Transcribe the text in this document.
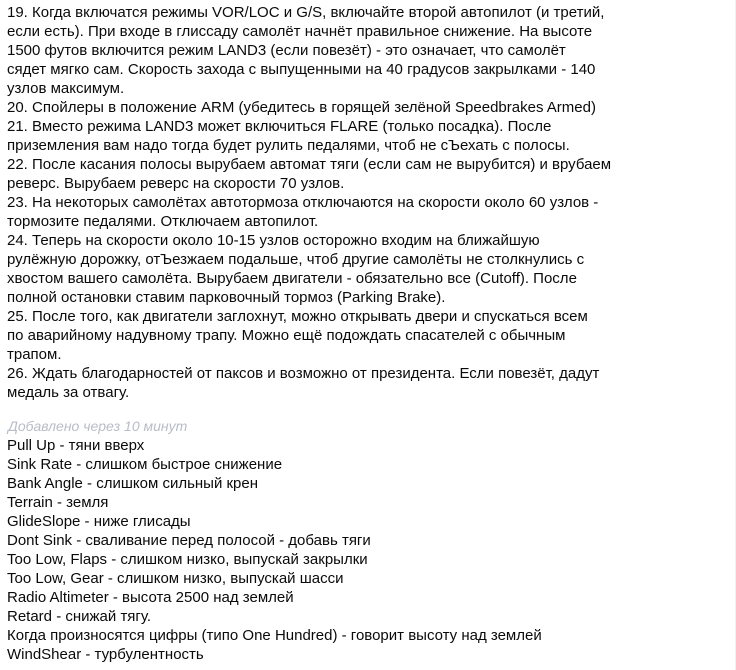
19. Когда включатся режимы VOR/LOC и G/S, включайте второй автопилот (и третий,
если есть). При входе в глиссаду самолёт начнёт правильное снижение. На высоте
1500 футов включится режим LAND3 (если повезёт) - это означает, что самолёт
сядет мягко сам. Скорость захода с выпущенными на 40 градусов закрылками - 140
узлов максимум.
20. Спойлеры в положение ARM (убедитесь в горящей зелёной Speedbrakes Armed)
21. Вместо режима LAND3 может включиться FLARE (только посадка). После
приземления вам надо тогда будет рулить педалями, чтоб не сЪехать с полосы.
22. После касания полосы вырубаем автомат тяги (если сам не вырубится) и врубаем
реверс. Вырубаем реверс на скорости 70 узлов.
23. На некоторых самолётах автотормоза отключаются на скорости около 60 узлов -
тормозите педалями. Отключаем автопилот.
24. Теперь на скорости около 10-15 узлов осторожно входим на ближайшую
рулёжную дорожку, отЪезжаем подальше, чтоб другие самолёты не столкнулись с
хвостом вашего самолёта. Вырубаем двигатели - обязательно все (Cutoff). После
полной остановки ставим парковочный тормоз (Parking Brake).
25. После того, как двигатели заглохнут, можно открывать двери и спускаться всем
по аварийному надувному трапу. Можно ещё подождать спасателей с обычным
трапом.
26. Ждать благодарностей от паксов и возможно от президента. Если повезёт, дадут
медаль за отвагу.
Добавлено через 10 минут
Pull Up - тяни вверх
Sink Rate - слишком быстрое снижение
Bank Angle - слишком сильный крен
Terrain - земля
GlideSlope - ниже глисады
Dont Sink - сваливание перед полосой - добавь тяги
Too Low, Flaps - слишком низко, выпускай закрылки
Too Low, Gear - слишком низко, выпускай шасси
Radio Altimeter - высота 2500 над землей
Retard - снижай тягу.
Когда произносятся цифры (типо One Hundred) - говорит высоту над землей
WindShear - турбулентность
